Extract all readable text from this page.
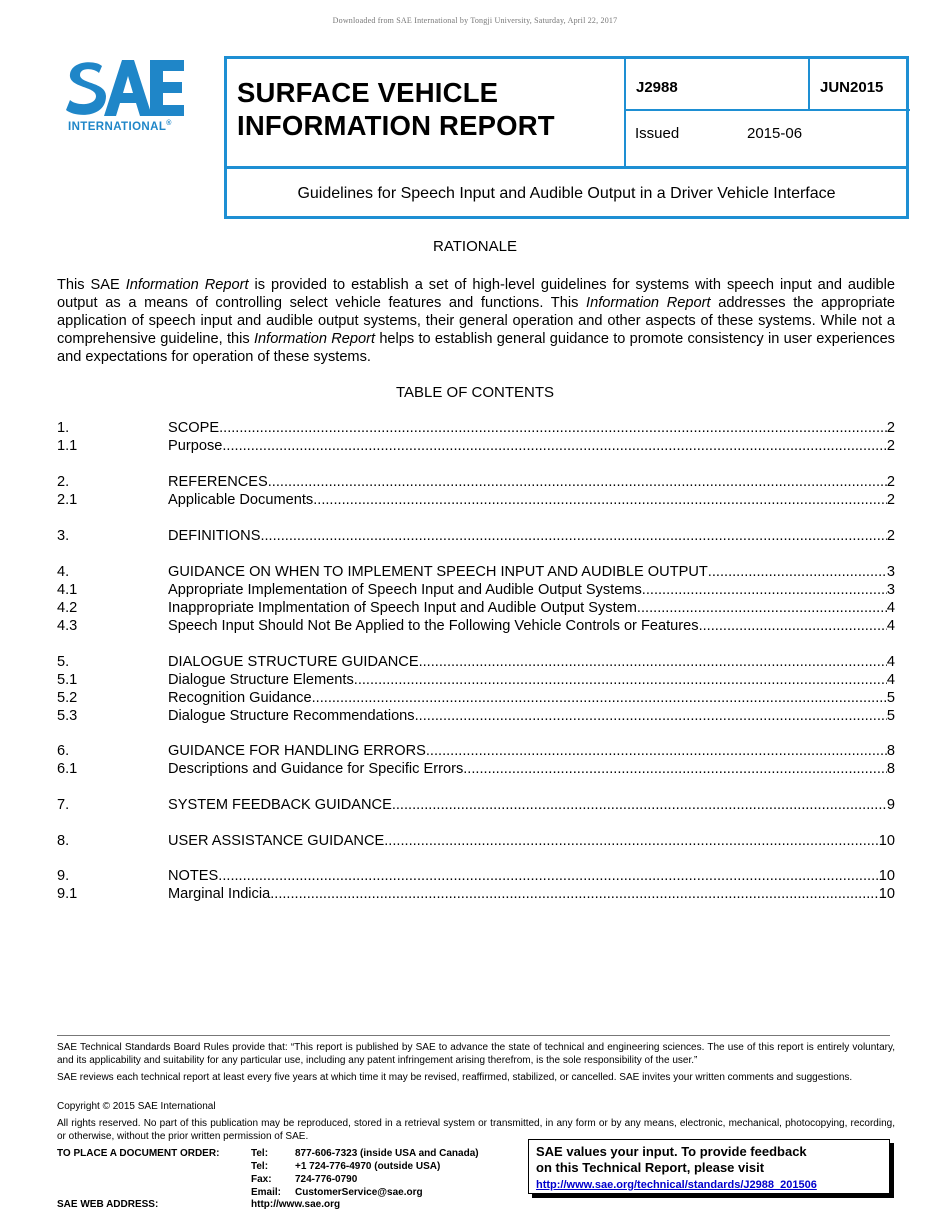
Downloaded from SAE International by Tongji University, Saturday, April 22, 2017
INTERNATIONAL®
SURFACE VEHICLE
INFORMATION REPORT
J2988	JUN2015
Issued	2015-06
Guidelines for Speech Input and Audible Output in a Driver Vehicle Interface
RATIONALE
This SAE Information Report is provided to establish a set of high-level guidelines for systems with speech input and audible output as a means of controlling select vehicle features and functions. This Information Report addresses the appropriate application of speech input and audible output systems, their general operation and other aspects of these systems. While not a comprehensive guideline, this Information Report helps to establish general guidance to promote consistency in user experiences and expectations for operation of these systems.
TABLE OF CONTENTS
1.	SCOPE .....	2
1.1	Purpose .....	2
2.	REFERENCES .....	2
2.1	Applicable Documents .....	2
3.	DEFINITIONS .....	2
4.	GUIDANCE ON WHEN TO IMPLEMENT SPEECH INPUT AND AUDIBLE OUTPUT .....	3
4.1	Appropriate Implementation of Speech Input and Audible Output Systems .....	3
4.2	Inappropriate Implmentation of Speech Input and Audible Output System .....	4
4.3	Speech Input Should Not Be Applied to the Following Vehicle Controls or Features .....	4
5.	DIALOGUE STRUCTURE GUIDANCE .....	4
5.1	Dialogue Structure Elements .....	4
5.2	Recognition Guidance .....	5
5.3	Dialogue Structure Recommendations .....	5
6.	GUIDANCE FOR HANDLING ERRORS .....	8
6.1	Descriptions and Guidance for Specific Errors .....	8
7.	SYSTEM FEEDBACK GUIDANCE .....	9
8.	USER ASSISTANCE GUIDANCE .....	10
9.	NOTES .....	10
9.1	Marginal Indicia .....	10
SAE Technical Standards Board Rules provide that: “This report is published by SAE to advance the state of technical and engineering sciences. The use of this report is entirely voluntary, and its applicability and suitability for any particular use, including any patent infringement arising therefrom, is the sole responsibility of the user.”
SAE reviews each technical report at least every five years at which time it may be revised, reaffirmed, stabilized, or cancelled. SAE invites your written comments and suggestions.
Copyright © 2015 SAE International
All rights reserved. No part of this publication may be reproduced, stored in a retrieval system or transmitted, in any form or by any means, electronic, mechanical, photocopying, recording, or otherwise, without the prior written permission of SAE.
TO PLACE A DOCUMENT ORDER:	Tel:	877-606-7323 (inside USA and Canada)
Tel:	+1 724-776-4970 (outside USA)
Fax: 724-776-0790
Email: CustomerService@sae.org
SAE WEB ADDRESS:	http://www.sae.org
SAE values your input. To provide feedback
on this Technical Report, please visit
http://www.sae.org/technical/standards/J2988_201506
